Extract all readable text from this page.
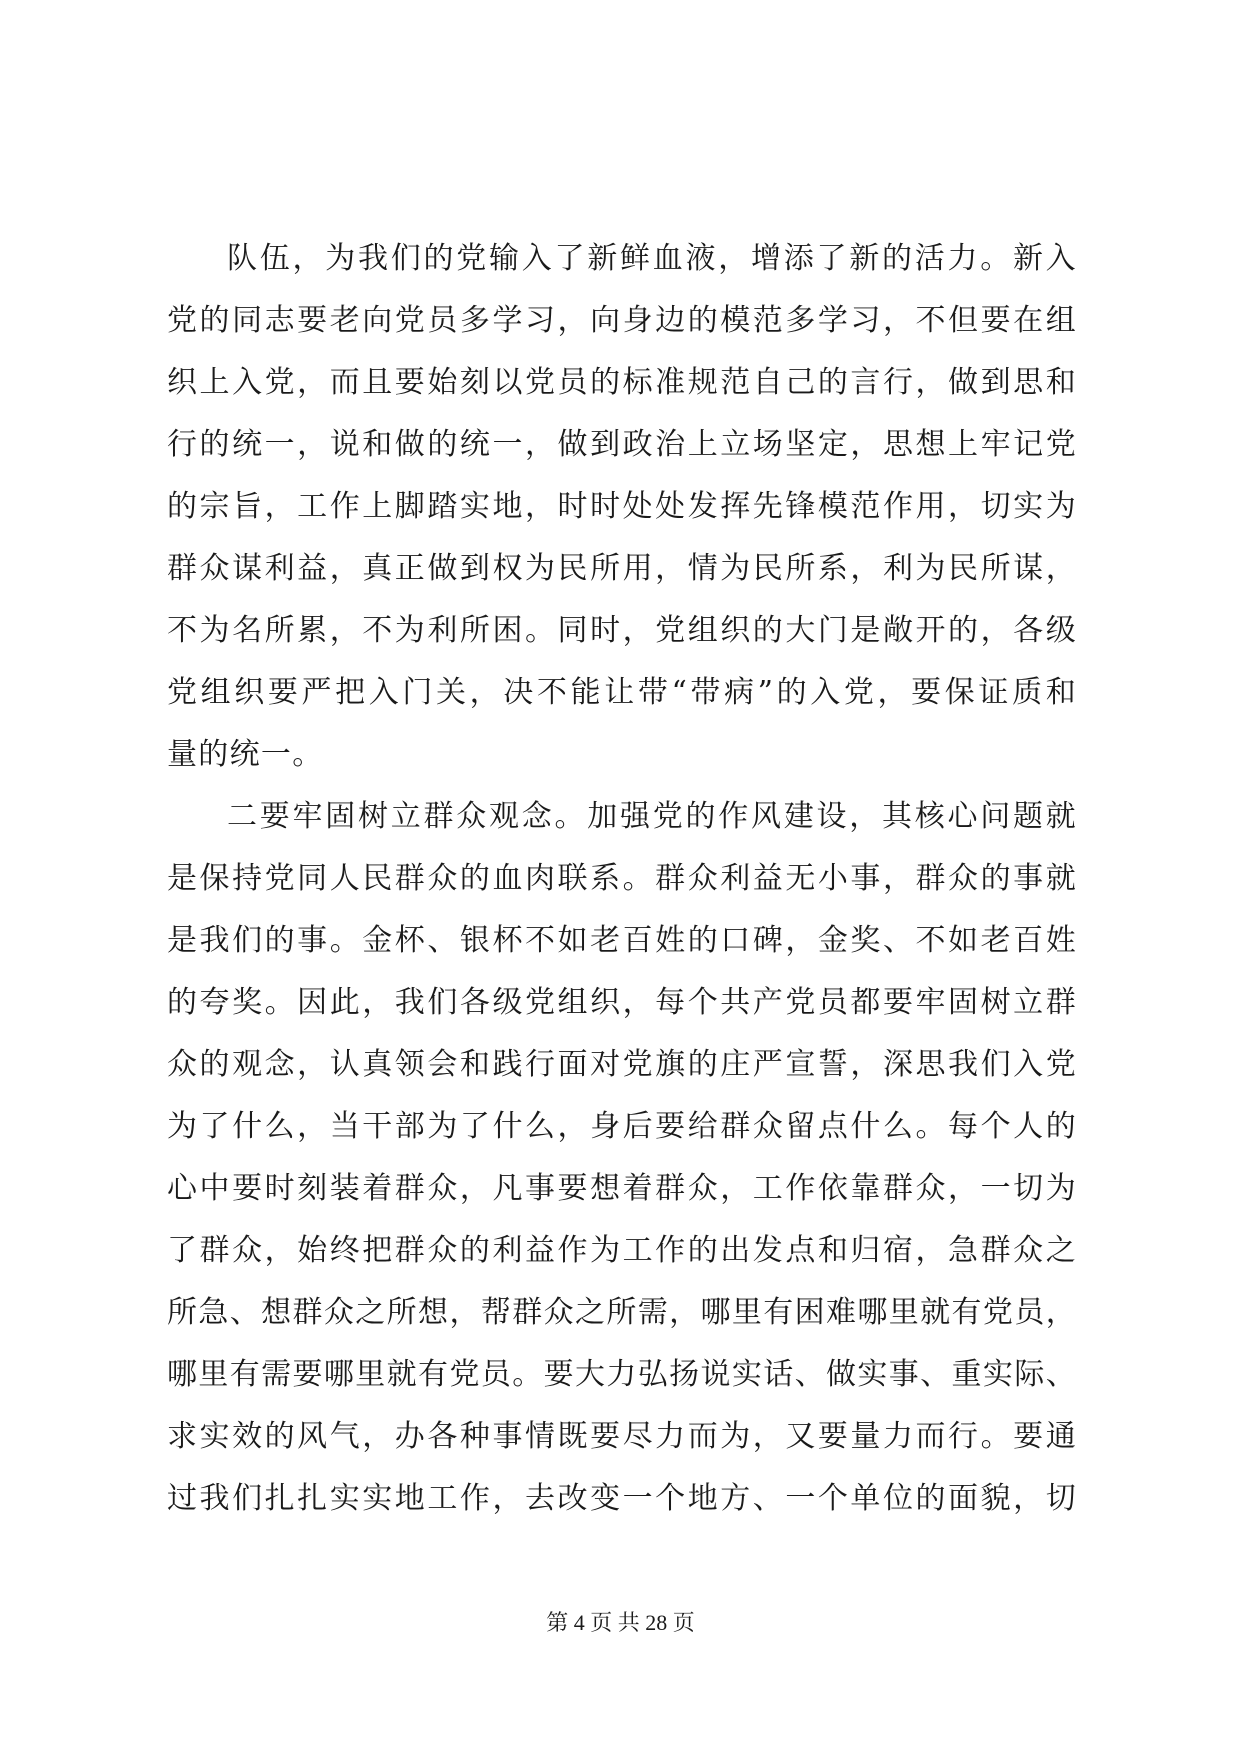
队伍，为我们的党输入了新鲜血液，增添了新的活力。新入
党的同志要老向党员多学习，向身边的模范多学习，不但要在组
织上入党，而且要始刻以党员的标准规范自己的言行，做到思和
行的统一，说和做的统一，做到政治上立场坚定，思想上牢记党
的宗旨，工作上脚踏实地，时时处处发挥先锋模范作用，切实为
群众谋利益，真正做到权为民所用，情为民所系，利为民所谋，
不为名所累，不为利所困。同时，党组织的大门是敞开的，各级
党组织要严把入门关，决不能让带“带病”的入党，要保证质和
量的统一。
二要牢固树立群众观念。加强党的作风建设，其核心问题就
是保持党同人民群众的血肉联系。群众利益无小事，群众的事就
是我们的事。金杯、银杯不如老百姓的口碑，金奖、不如老百姓
的夸奖。因此，我们各级党组织，每个共产党员都要牢固树立群
众的观念，认真领会和践行面对党旗的庄严宣誓，深思我们入党
为了什么，当干部为了什么，身后要给群众留点什么。每个人的
心中要时刻装着群众，凡事要想着群众，工作依靠群众，一切为
了群众，始终把群众的利益作为工作的出发点和归宿，急群众之
所急、想群众之所想，帮群众之所需，哪里有困难哪里就有党员，
哪里有需要哪里就有党员。要大力弘扬说实话、做实事、重实际、
求实效的风气，办各种事情既要尽力而为，又要量力而行。要通
过我们扎扎实实地工作，去改变一个地方、一个单位的面貌，切
第 4 页 共 28 页
